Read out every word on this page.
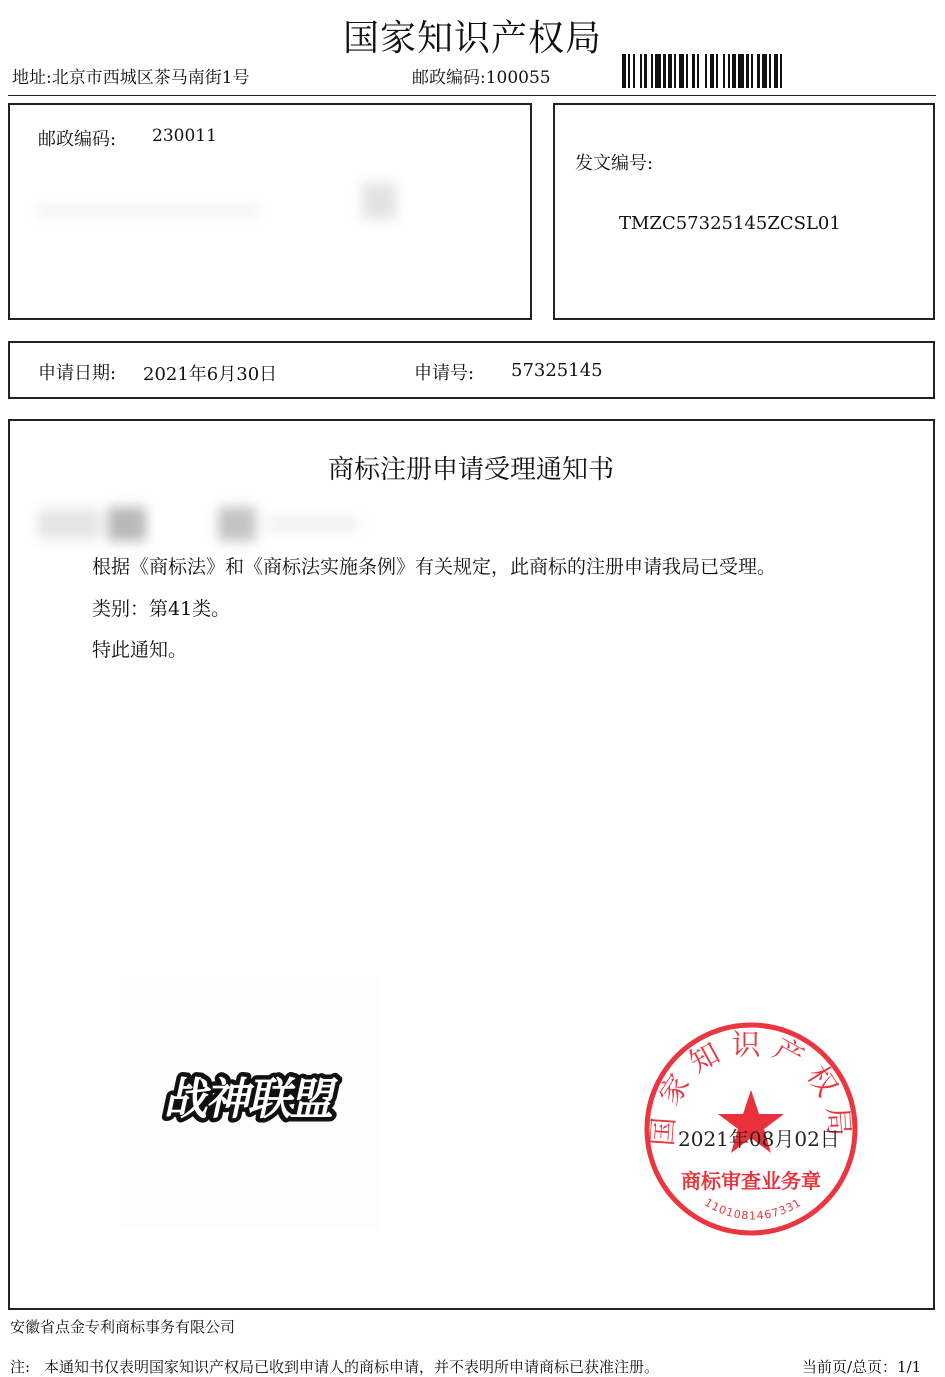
国家知识产权局
地址:北京市西城区茶马南街1号	邮政编码:100055
邮政编码: 230011
发文编号:
TMZC57325145ZCSL01
申请日期: 2021年6月30日	申请号: 57325145
商标注册申请受理通知书
根据《商标法》和《商标法实施条例》有关规定，此商标的注册申请我局已受理。
类别：第41类。
特此通知。
战神联盟
2021年08月02日
国家知识产权局
商标审查业务章
1101081467331
安徽省点金专利商标事务有限公司
注: 本通知书仅表明国家知识产权局已收到申请人的商标申请，并不表明所申请商标已获准注册。	当前页/总页：1/1
